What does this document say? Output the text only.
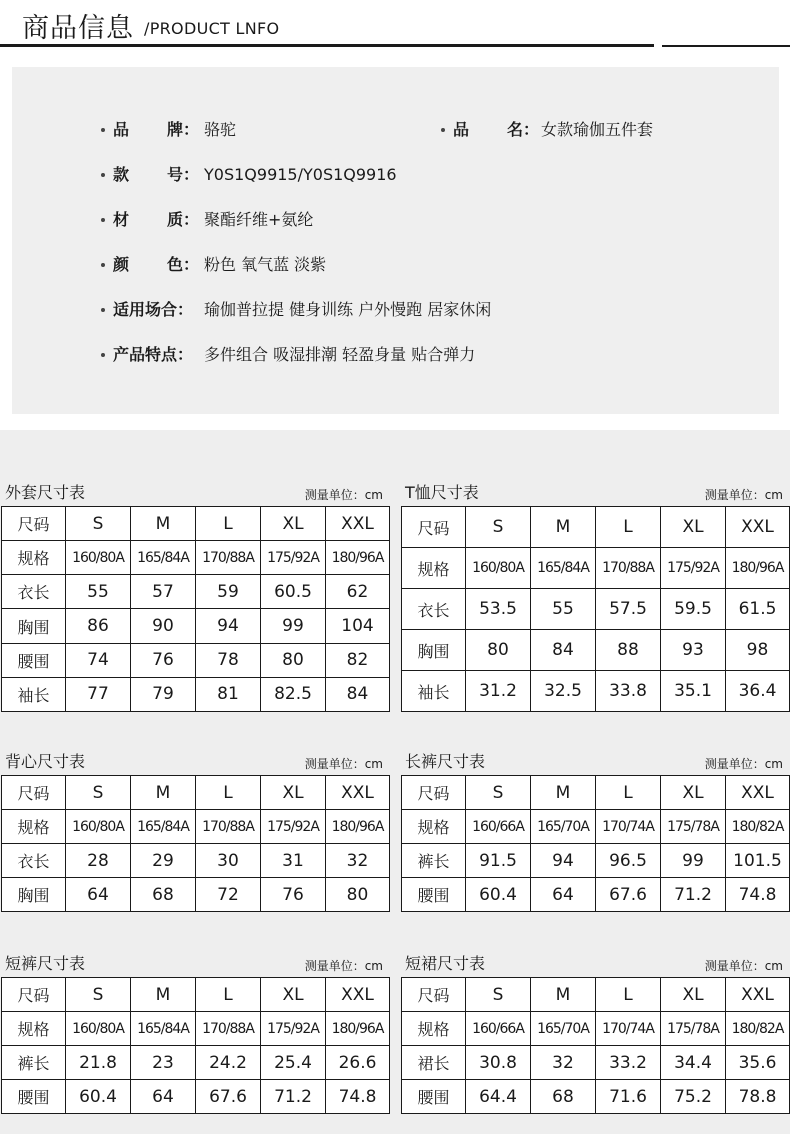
商品信息 /PRODUCT LNFO
品 牌： 骆驼	品 名： 女款瑜伽五件套
款 号： Y0S1Q9915/Y0S1Q9916
材 质： 聚酯纤维+氨纶
颜 色： 粉色 氧气蓝 淡紫
适用场合： 瑜伽普拉提 健身训练 户外慢跑 居家休闲
产品特点： 多件组合 吸湿排潮 轻盈身量 贴合弹力
外套尺寸表	测量单位：cm
尺码	S	M	L	XL	XXL
规格	160/80A	165/84A	170/88A	175/92A	180/96A
衣长	55	57	59	60.5	62
胸围	86	90	94	99	104
腰围	74	76	78	80	82
袖长	77	79	81	82.5	84
T恤尺寸表	测量单位：cm
尺码	S	M	L	XL	XXL
规格	160/80A	165/84A	170/88A	175/92A	180/96A
衣长	53.5	55	57.5	59.5	61.5
胸围	80	84	88	93	98
袖长	31.2	32.5	33.8	35.1	36.4
背心尺寸表	测量单位：cm
尺码	S	M	L	XL	XXL
规格	160/80A	165/84A	170/88A	175/92A	180/96A
衣长	28	29	30	31	32
胸围	64	68	72	76	80
长裤尺寸表	测量单位：cm
尺码	S	M	L	XL	XXL
规格	160/66A	165/70A	170/74A	175/78A	180/82A
裤长	91.5	94	96.5	99	101.5
腰围	60.4	64	67.6	71.2	74.8
短裤尺寸表	测量单位：cm
尺码	S	M	L	XL	XXL
规格	160/80A	165/84A	170/88A	175/92A	180/96A
裤长	21.8	23	24.2	25.4	26.6
腰围	60.4	64	67.6	71.2	74.8
短裙尺寸表	测量单位：cm
尺码	S	M	L	XL	XXL
规格	160/66A	165/70A	170/74A	175/78A	180/82A
裙长	30.8	32	33.2	34.4	35.6
腰围	64.4	68	71.6	75.2	78.8
